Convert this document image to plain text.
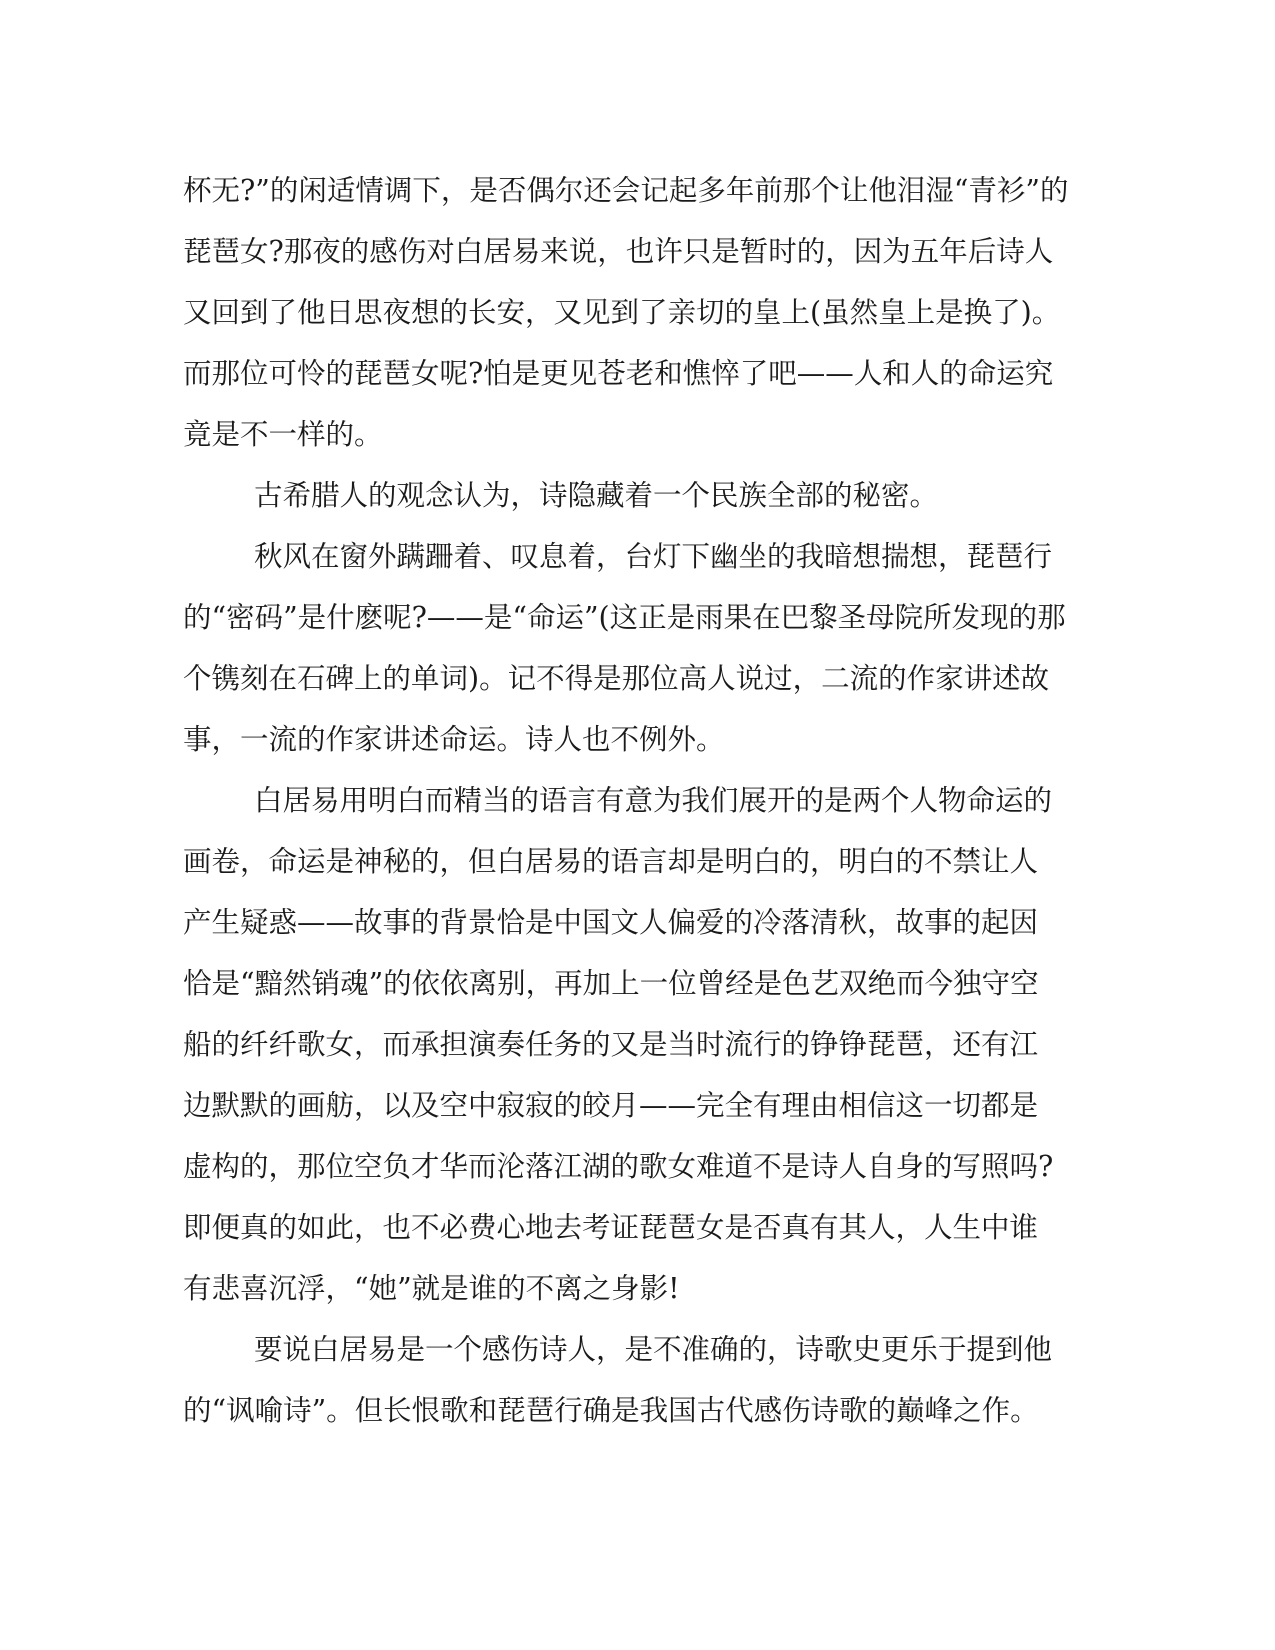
杯无?”的闲适情调下，是否偶尔还会记起多年前那个让他泪湿“青衫”的
琵琶女?那夜的感伤对白居易来说，也许只是暂时的，因为五年后诗人
又回到了他日思夜想的长安，又见到了亲切的皇上(虽然皇上是换了)。
而那位可怜的琵琶女呢?怕是更见苍老和憔悴了吧——人和人的命运究
竟是不一样的。
古希腊人的观念认为，诗隐藏着一个民族全部的秘密。
秋风在窗外蹒跚着、叹息着，台灯下幽坐的我暗想揣想，琵琶行
的“密码”是什麽呢?——是“命运”(这正是雨果在巴黎圣母院所发现的那
个镌刻在石碑上的单词)。记不得是那位高人说过，二流的作家讲述故
事，一流的作家讲述命运。诗人也不例外。
白居易用明白而精当的语言有意为我们展开的是两个人物命运的
画卷，命运是神秘的，但白居易的语言却是明白的，明白的不禁让人
产生疑惑——故事的背景恰是中国文人偏爱的冷落清秋，故事的起因
恰是“黯然销魂”的依依离别，再加上一位曾经是色艺双绝而今独守空
船的纤纤歌女，而承担演奏任务的又是当时流行的铮铮琵琶，还有江
边默默的画舫，以及空中寂寂的皎月——完全有理由相信这一切都是
虚构的，那位空负才华而沦落江湖的歌女难道不是诗人自身的写照吗?
即便真的如此，也不必费心地去考证琵琶女是否真有其人，人生中谁
有悲喜沉浮，“她”就是谁的不离之身影!
要说白居易是一个感伤诗人，是不准确的，诗歌史更乐于提到他
的“讽喻诗”。但长恨歌和琵琶行确是我国古代感伤诗歌的巅峰之作。
